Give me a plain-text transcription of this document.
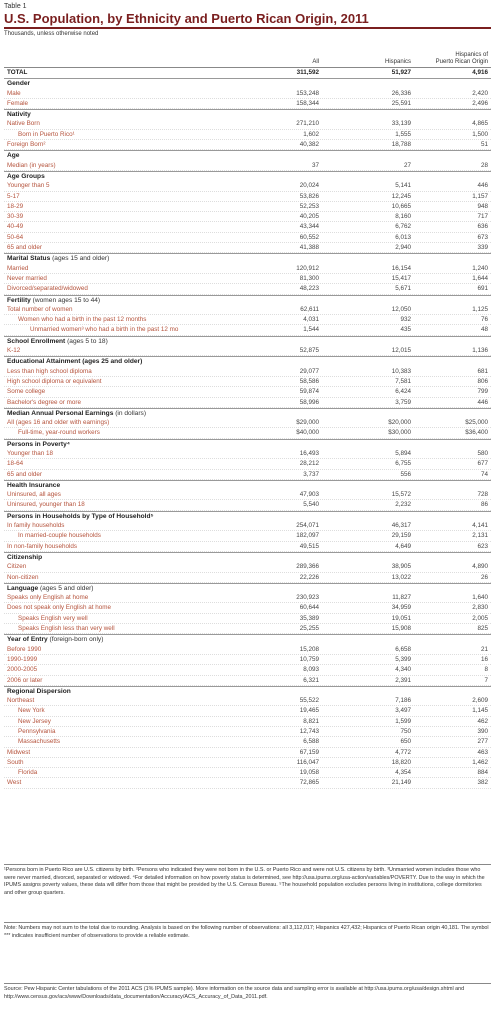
Table 1
U.S. Population, by Ethnicity and Puerto Rican Origin, 2011
Thousands, unless otherwise noted
All	Hispanics
Hispanics of
Puerto Rican Origin
TOTAL	311,592	51,927	4,916
Gender
Male	153,248	26,336	2,420
Female	158,344	25,591	2,496
Nativity
Native Born	271,210	33,139	4,865
Born in Puerto Rico¹	1,602	1,555	1,500
Foreign Born²	40,382	18,788	51
Age
Median (in years)	37	27	28
Age Groups
Younger than 5	20,024	5,141	446
5-17	53,826	12,245	1,157
18-29	52,253	10,665	948
30-39	40,205	8,160	717
40-49	43,344	6,762	636
50-64	60,552	6,013	673
65 and older	41,388	2,940	339
Marital Status (ages 15 and older)
Married	120,912	16,154	1,240
Never married	81,300	15,417	1,644
Divorced/separated/widowed	48,223	5,671	691
Fertility (women ages 15 to 44)
Total number of women	62,611	12,050	1,125
Women who had a birth in the past 12 months	4,031	932	76
Unmarried women³ who had a birth in the past 12 mo	1,544	435	48
School Enrollment (ages 5 to 18)
K-12	52,875	12,015	1,136
Educational Attainment (ages 25 and older)
Less than high school diploma	29,077	10,383	681
High school diploma or equivalent	58,586	7,581	806
Some college	59,874	6,424	799
Bachelor's degree or more	58,996	3,759	446
Median Annual Personal Earnings (in dollars)
All (ages 16 and older with earnings)	$29,000	$20,000	$25,000
Full-time, year-round workers	$40,000	$30,000	$36,400
Persons in Poverty⁴
Younger than 18	16,493	5,894	580
18-64	28,212	6,755	677
65 and older	3,737	556	74
Health Insurance
Uninsured, all ages	47,903	15,572	728
Uninsured, younger than 18	5,540	2,232	86
Persons in Households by Type of Household⁵
In family households	254,071	46,317	4,141
In married-couple households	182,097	29,159	2,131
In non-family households	49,515	4,649	623
Citizenship
Citizen	289,366	38,905	4,890
Non-citizen	22,226	13,022	26
Language (ages 5 and older)
Speaks only English at home	230,923	11,827	1,640
Does not speak only English at home	60,644	34,959	2,830
Speaks English very well	35,389	19,051	2,005
Speaks English less than very well	25,255	15,908	825
Year of Entry (foreign-born only)
Before 1990	15,208	6,658	21
1990-1999	10,759	5,399	16
2000-2005	8,093	4,340	8
2006 or later	6,321	2,391	7
Regional Dispersion
Northeast	55,522	7,186	2,609
New York	19,465	3,497	1,145
New Jersey	8,821	1,599	462
Pennsylvania	12,743	750	390
Massachusetts	6,588	650	277
Midwest	67,159	4,772	463
South	116,047	18,820	1,462
Florida	19,058	4,354	884
West	72,865	21,149	382
¹Persons born in Puerto Rico are U.S. citizens by birth. ²Persons who indicated they were not born in the U.S. or Puerto Rico and were not U.S. citizens by birth. ³Unmarried women includes those who were never married, divorced, separated or widowed. ⁴For detailed information on how poverty status is determined, see http://usa.ipums.org/usa-action/variables/POVERTY. Due to the way in which the IPUMS assigns poverty values, these data will differ from those that might be provided by the U.S. Census Bureau. ⁵The household population excludes persons living in institutions, college dormitories and other group quarters.
Note: Numbers may not sum to the total due to rounding. Analysis is based on the following number of observations: all 3,112,017; Hispanics 427,432; Hispanics of Puerto Rican origin 40,181. The symbol *** indicates insufficient number of observations to provide a reliable estimate.
Source: Pew Hispanic Center tabulations of the 2011 ACS (1% IPUMS sample). More information on the source data and sampling error is available at http://usa.ipums.org/usa/design.shtml and http://www.census.gov/acs/www/Downloads/data_documentation/Accuracy/ACS_Accuracy_of_Data_2011.pdf.
